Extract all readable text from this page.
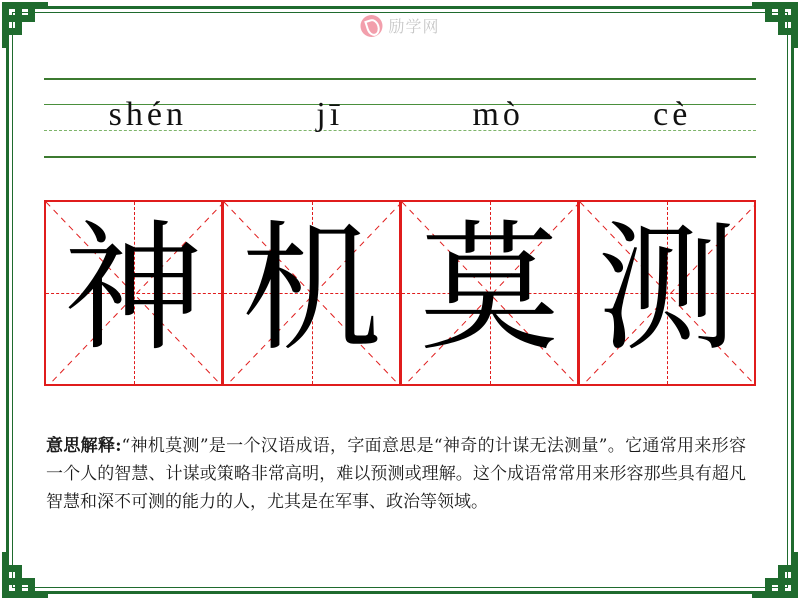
励学网
shén	jī	mò	cè
神 机 莫 测
意思解释:“神机莫测”是一个汉语成语，字面意思是“神奇的计谋无法测量”。它通常用来形容一个人的智慧、计谋或策略非常高明，难以预测或理解。这个成语常常用来形容那些具有超凡智慧和深不可测的能力的人，尤其是在军事、政治等领域。
